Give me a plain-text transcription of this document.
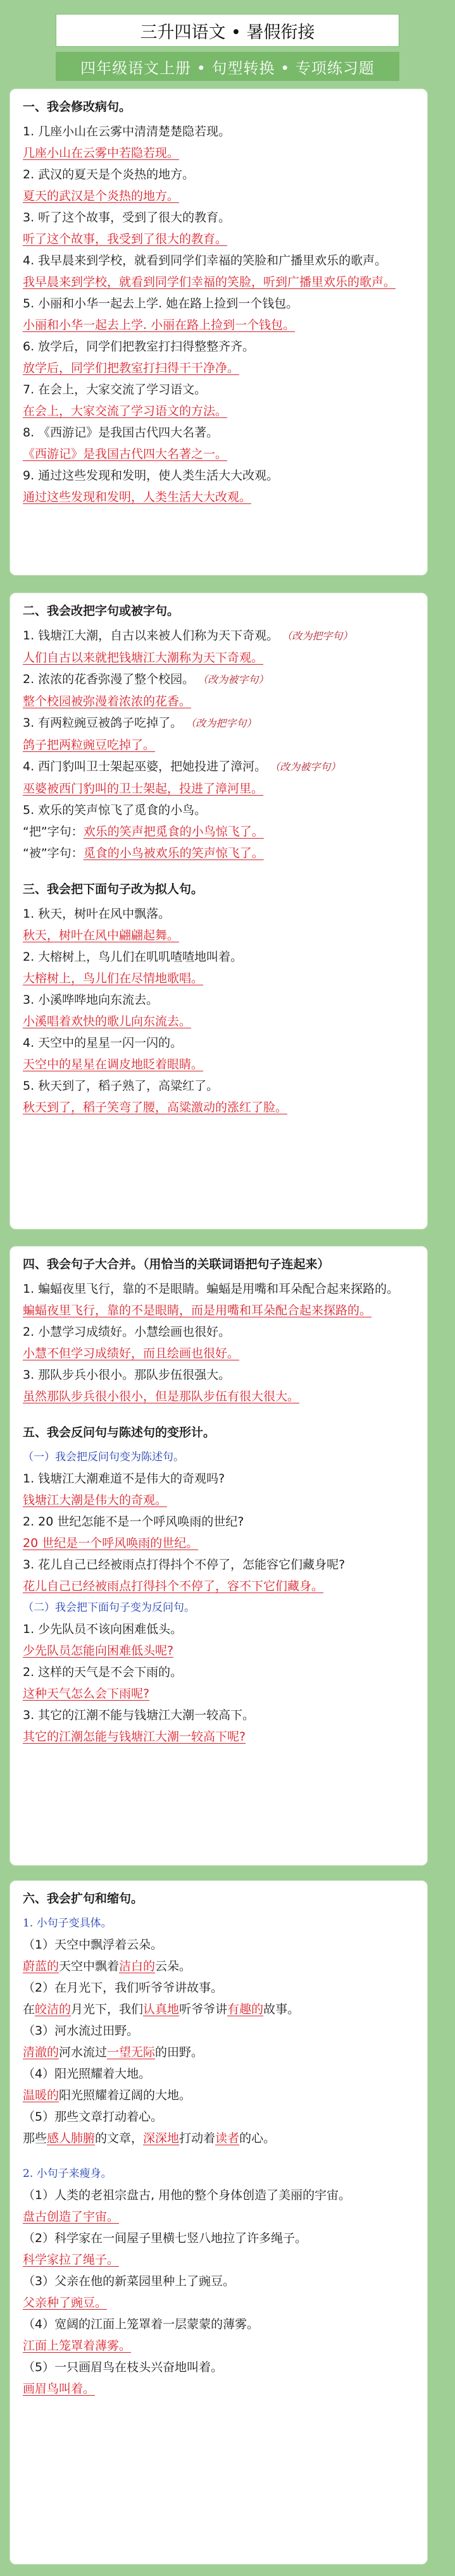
三升四语文 • 暑假衔接
四年级语文上册 • 句型转换 • 专项练习题
一、我会修改病句。
1. 几座小山在云雾中清清楚楚隐若现。
几座小山在云雾中若隐若现。
2. 武汉的夏天是个炎热的地方。
夏天的武汉是个炎热的地方。
3. 听了这个故事，受到了很大的教育。
听了这个故事，我受到了很大的教育。
4. 我早晨来到学校，就看到同学们幸福的笑脸和广播里欢乐的歌声。
我早晨来到学校，就看到同学们幸福的笑脸，听到广播里欢乐的歌声。
5. 小丽和小华一起去上学. 她在路上捡到一个钱包。
小丽和小华一起去上学. 小丽在路上捡到一个钱包。
6. 放学后，同学们把教室打扫得整整齐齐。
放学后，同学们把教室打扫得干干净净。
7. 在会上，大家交流了学习语文。
在会上，大家交流了学习语文的方法。
8. 《西游记》是我国古代四大名著。
《西游记》是我国古代四大名著之一。
9. 通过这些发现和发明，使人类生活大大改观。
通过这些发现和发明，人类生活大大改观。
二、我会改把字句或被字句。
1. 钱塘江大潮，自古以来被人们称为天下奇观。 （改为把字句）
人们自古以来就把钱塘江大潮称为天下奇观。
2. 浓浓的花香弥漫了整个校园。 （改为被字句）
整个校园被弥漫着浓浓的花香。
3. 有两粒豌豆被鸽子吃掉了。 （改为把字句）
鸽子把两粒豌豆吃掉了。
4. 西门豹叫卫士架起巫婆，把她投进了漳河。 （改为被字句）
巫婆被西门豹叫的卫士架起，投进了漳河里。
5. 欢乐的笑声惊飞了觅食的小鸟。
“把”字句：欢乐的笑声把觅食的小鸟惊飞了。
“被”字句：觅食的小鸟被欢乐的笑声惊飞了。
三、我会把下面句子改为拟人句。
1. 秋天，树叶在风中飘落。
秋天，树叶在风中翩翩起舞。
2. 大榕树上，鸟儿们在叽叽喳喳地叫着。
大榕树上，鸟儿们在尽情地歌唱。
3. 小溪哗哗地向东流去。
小溪唱着欢快的歌儿向东流去。
4. 天空中的星星一闪一闪的。
天空中的星星在调皮地眨着眼睛。
5. 秋天到了，稻子熟了，高粱红了。
秋天到了，稻子笑弯了腰，高粱激动的涨红了脸。
四、我会句子大合并。（用恰当的关联词语把句子连起来）
1. 蝙蝠夜里飞行，靠的不是眼睛。蝙蝠是用嘴和耳朵配合起来探路的。
蝙蝠夜里飞行，靠的不是眼睛，而是用嘴和耳朵配合起来探路的。
2. 小慧学习成绩好。小慧绘画也很好。
小慧不但学习成绩好，而且绘画也很好。
3. 那队步兵小很小。那队步伍很强大。
虽然那队步兵很小很小，但是那队步伍有很大很大。
五、我会反问句与陈述句的变形计。
（一）我会把反问句变为陈述句。
1. 钱塘江大潮难道不是伟大的奇观吗?
钱塘江大潮是伟大的奇观。
2. 20 世纪怎能不是一个呼风唤雨的世纪?
20 世纪是一个呼风唤雨的世纪。
3. 花儿自己已经被雨点打得抖个不停了，怎能容它们藏身呢?
花儿自己已经被雨点打得抖个不停了，容不下它们藏身。
（二）我会把下面句子变为反问句。
1. 少先队员不该向困难低头。
少先队员怎能向困难低头呢?
2. 这样的天气是不会下雨的。
这种天气怎么会下雨呢?
3. 其它的江潮不能与钱塘江大潮一较高下。
其它的江潮怎能与钱塘江大潮一较高下呢?
六、我会扩句和缩句。
1. 小句子变具体。
（1）天空中飘浮着云朵。
蔚蓝的天空中飘着洁白的云朵。
（2）在月光下，我们听爷爷讲故事。
在皎洁的月光下，我们认真地听爷爷讲有趣的故事。
（3）河水流过田野。
清澈的河水流过一望无际的田野。
（4）阳光照耀着大地。
温暖的阳光照耀着辽阔的大地。
（5）那些文章打动着心。
那些感人肺腑的文章，深深地打动着读者的心。
2. 小句子来瘦身。
（1）人类的老祖宗盘古, 用他的整个身体创造了美丽的宇宙。
盘古创造了宇宙。
（2）科学家在一间屋子里横七竖八地拉了许多绳子。
科学家拉了绳子。
（3）父亲在他的新菜园里种上了豌豆。
父亲种了豌豆。
（4）宽阔的江面上笼罩着一层蒙蒙的薄雾。
江面上笼罩着薄雾。
（5）一只画眉鸟在枝头兴奋地叫着。
画眉鸟叫着。
